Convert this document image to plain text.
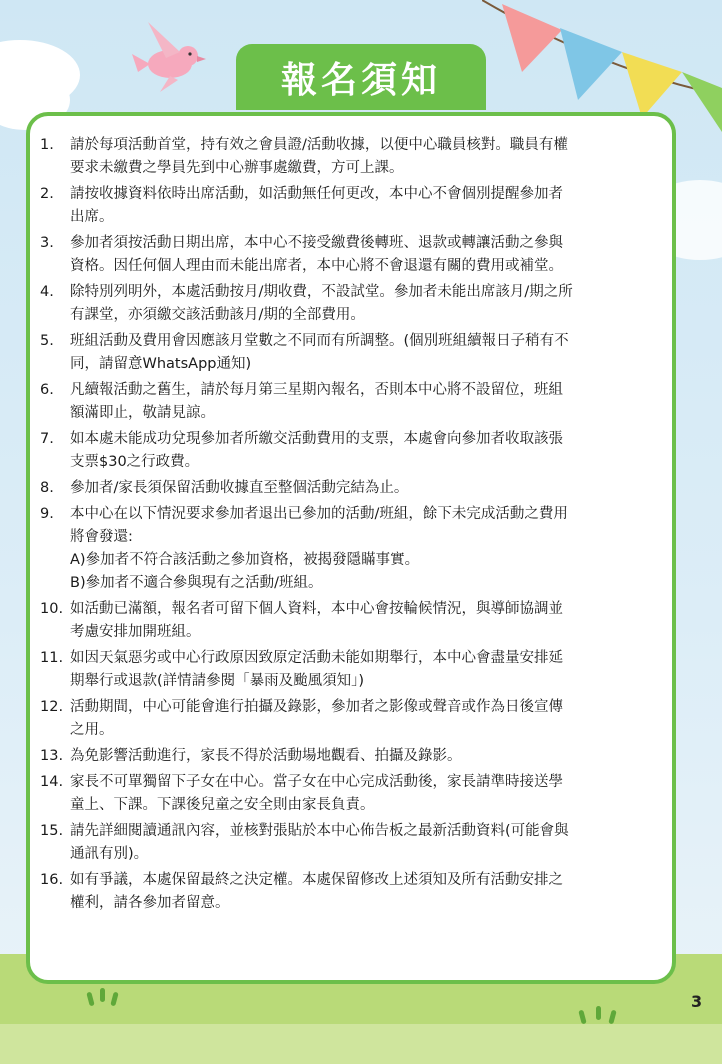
報名須知
1. 請於每項活動首堂，持有效之會員證/活動收據，以便中心職員核對。職員有權
要求未繳費之學員先到中心辦事處繳費，方可上課。
2. 請按收據資料依時出席活動，如活動無任何更改，本中心不會個別提醒參加者
出席。
3. 參加者須按活動日期出席，本中心不接受繳費後轉班、退款或轉讓活動之參與
資格。因任何個人理由而未能出席者，本中心將不會退還有關的費用或補堂。
4. 除特別列明外，本處活動按月/期收費，不設試堂。參加者未能出席該月/期之所
有課堂，亦須繳交該活動該月/期的全部費用。
5. 班組活動及費用會因應該月堂數之不同而有所調整。(個別班組續報日子稍有不
同，請留意WhatsApp通知)
6. 凡續報活動之舊生，請於每月第三星期內報名，否則本中心將不設留位，班組
額滿即止，敬請見諒。
7. 如本處未能成功兌現參加者所繳交活動費用的支票，本處會向參加者收取該張
支票$30之行政費。
8. 參加者/家長須保留活動收據直至整個活動完結為止。
9. 本中心在以下情況要求參加者退出已參加的活動/班組，餘下未完成活動之費用
將會發還:
A)參加者不符合該活動之參加資格，被揭發隱瞞事實。
B)參加者不適合參與現有之活動/班組。
10. 如活動已滿額，報名者可留下個人資料，本中心會按輪候情況，與導師協調並
考慮安排加開班組。
11. 如因天氣惡劣或中心行政原因致原定活動未能如期舉行，本中心會盡量安排延
期舉行或退款(詳情請參閱「暴雨及颱風須知」)
12. 活動期間，中心可能會進行拍攝及錄影，參加者之影像或聲音或作為日後宣傳
之用。
13. 為免影響活動進行，家長不得於活動場地觀看、拍攝及錄影。
14. 家長不可單獨留下子女在中心。當子女在中心完成活動後，家長請準時接送學
童上、下課。下課後兒童之安全則由家長負責。
15. 請先詳細閱讀通訊內容，並核對張貼於本中心佈告板之最新活動資料(可能會與
通訊有別)。
16. 如有爭議，本處保留最終之決定權。本處保留修改上述須知及所有活動安排之
權利，請各參加者留意。
3
